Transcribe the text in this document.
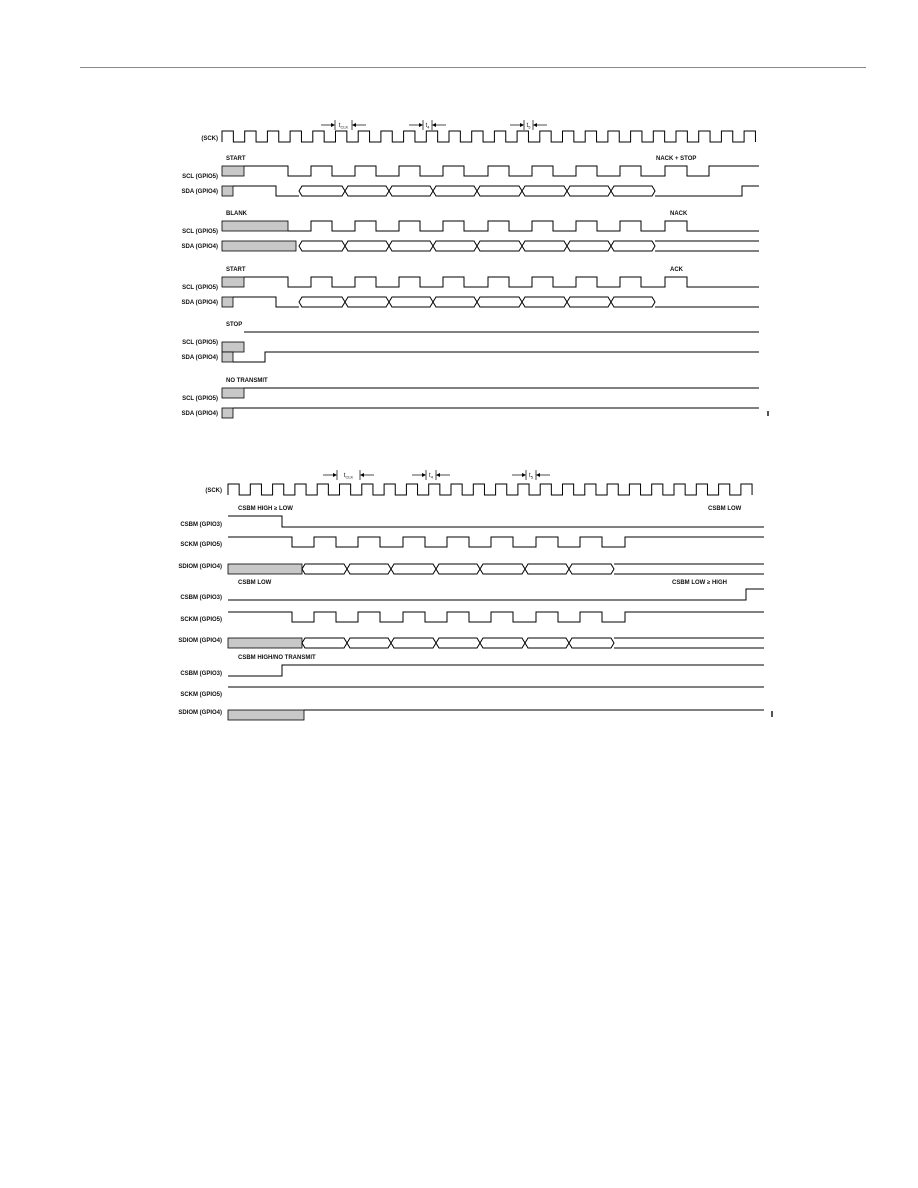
(SCK)
$t_{CLK}$	$t_4$	$t_5$
SCL (GPIO5)
SDA (GPIO4)
START	NACK + STOP
SCL (GPIO5)
SDA (GPIO4)
BLANK	NACK
SCL (GPIO5)
SDA (GPIO4)
START	ACK
SCL (GPIO5)
SDA (GPIO4)
STOP
SCL (GPIO5)
SDA (GPIO4)
NO TRANSMIT
(SCK)
$t_{CLK}$	$t_4$	$t_5$
CSBM (GPIO3)
SCKM (GPIO5)
SDIOM (GPIO4)
CSBM HIGH ≥ LOW	CSBM LOW
CSBM (GPIO3)
SCKM (GPIO5)
SDIOM (GPIO4)
CSBM LOW	CSBM LOW ≥ HIGH
CSBM (GPIO3)
SCKM (GPIO5)
SDIOM (GPIO4)
CSBM HIGH/NO TRANSMIT
